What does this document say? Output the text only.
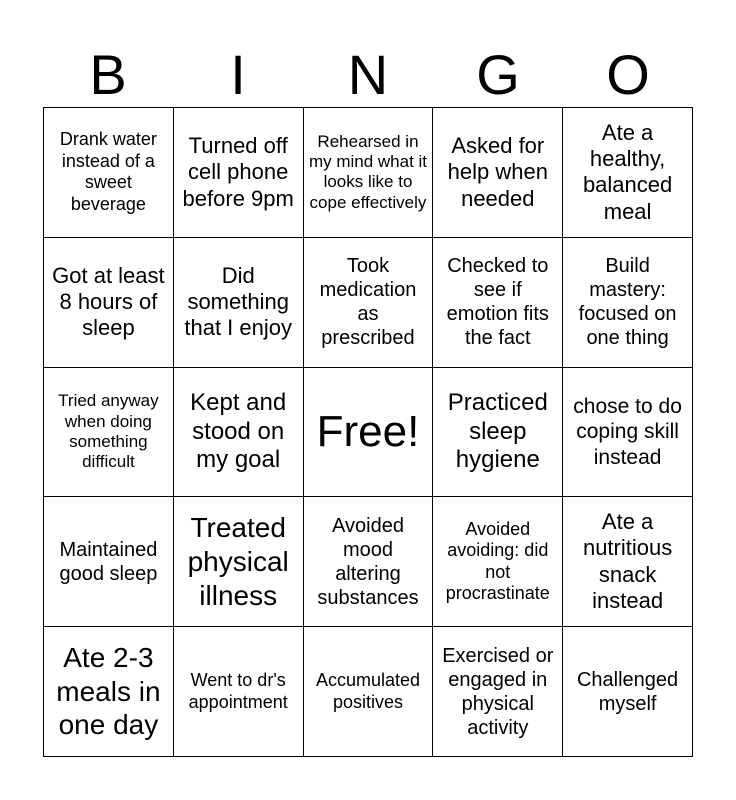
B	I	N	G	O
Drank water instead of a sweet beverage
Turned off cell phone before 9pm
Rehearsed in my mind what it looks like to cope effectively
Asked for help when needed
Ate a healthy, balanced meal
Got at least 8 hours of sleep
Did something that I enjoy
Took medication as prescribed
Checked to see if emotion fits the fact
Build mastery: focused on one thing
Tried anyway when doing something difficult
Kept and stood on my goal
Free!
Practiced sleep hygiene
chose to do coping skill instead
Maintained good sleep
Treated physical illness
Avoided mood altering substances
Avoided avoiding: did not procrastinate
Ate a nutritious snack instead
Ate 2-3 meals in one day
Went to dr's appointment
Accumulated positives
Exercised or engaged in physical activity
Challenged myself
